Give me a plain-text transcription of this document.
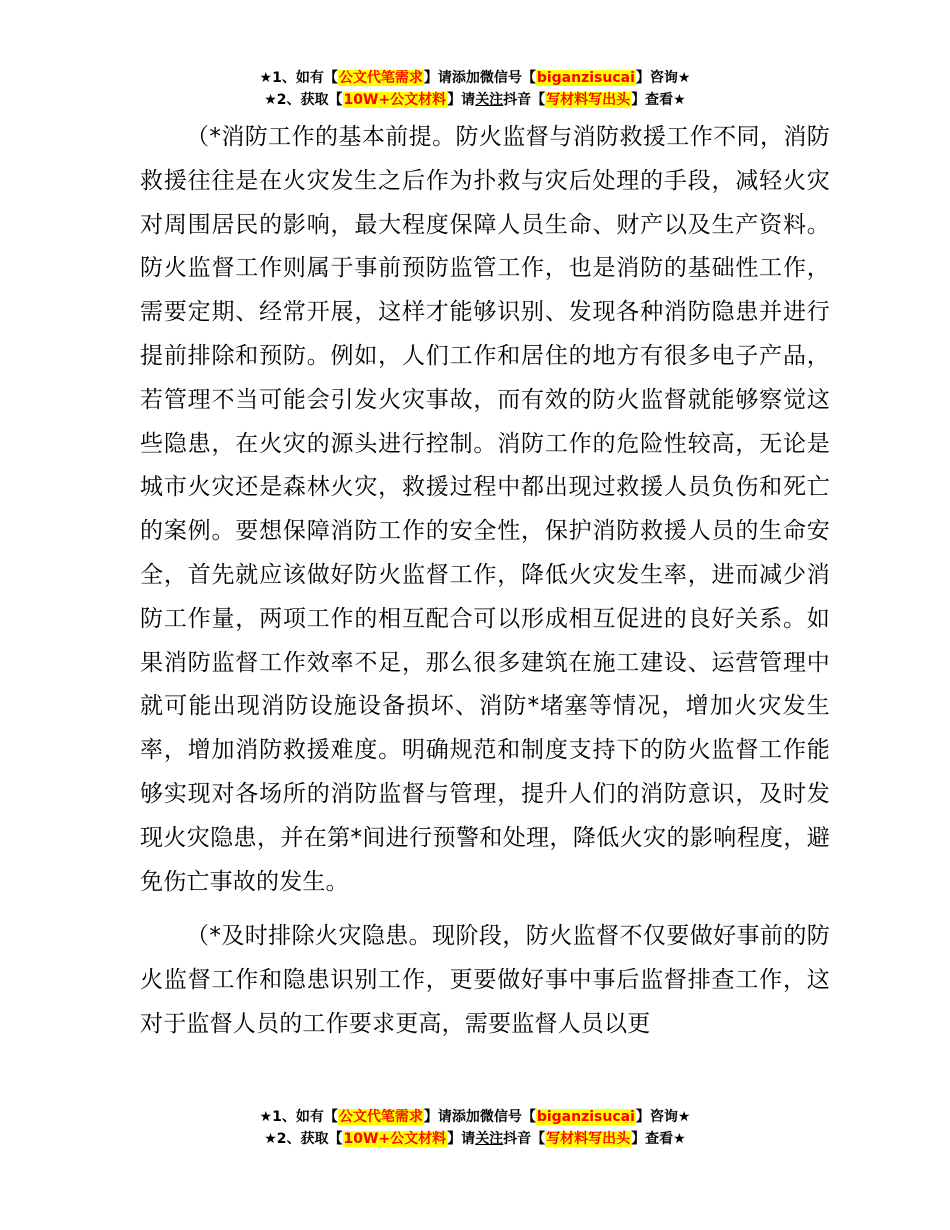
★1、如有【公文代笔需求】请添加微信号【biganzisucai】咨询★
★2、获取【10W+公文材料】请关注抖音【写材料写出头】查看★

（*消防工作的基本前提。防火监督与消防救援工作不同，消防救援往往是在火灾发生之后作为扑救与灾后处理的手段，减轻火灾对周围居民的影响，最大程度保障人员生命、财产以及生产资料。防火监督工作则属于事前预防监管工作，也是消防的基础性工作，需要定期、经常开展，这样才能够识别、发现各种消防隐患并进行提前排除和预防。例如，人们工作和居住的地方有很多电子产品，若管理不当可能会引发火灾事故，而有效的防火监督就能够察觉这些隐患，在火灾的源头进行控制。消防工作的危险性较高，无论是城市火灾还是森林火灾，救援过程中都出现过救援人员负伤和死亡的案例。要想保障消防工作的安全性，保护消防救援人员的生命安全，首先就应该做好防火监督工作，降低火灾发生率，进而减少消防工作量，两项工作的相互配合可以形成相互促进的良好关系。如果消防监督工作效率不足，那么很多建筑在施工建设、运营管理中就可能出现消防设施设备损坏、消防*堵塞等情况，增加火灾发生率，增加消防救援难度。明确规范和制度支持下的防火监督工作能够实现对各场所的消防监督与管理，提升人们的消防意识，及时发现火灾隐患，并在第*间进行预警和处理，降低火灾的影响程度，避免伤亡事故的发生。

（*及时排除火灾隐患。现阶段，防火监督不仅要做好事前的防火监督工作和隐患识别工作，更要做好事中事后监督排查工作，这对于监督人员的工作要求更高，需要监督人员以更

★1、如有【公文代笔需求】请添加微信号【biganzisucai】咨询★
★2、获取【10W+公文材料】请关注抖音【写材料写出头】查看★
